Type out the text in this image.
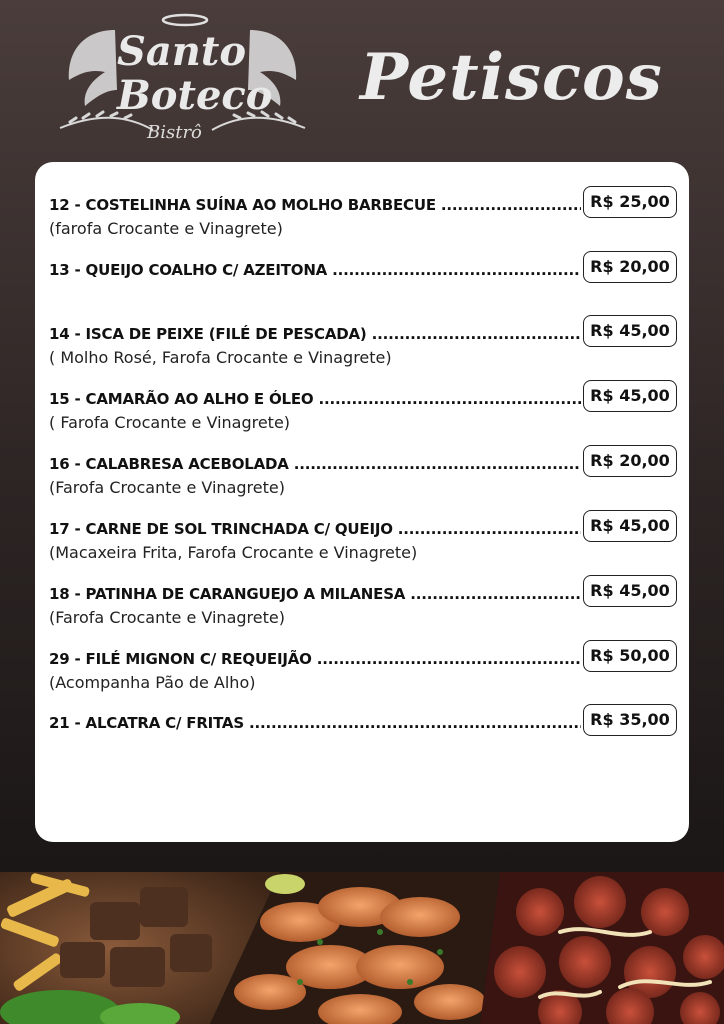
Santo
Boteco
Bistrô
Petiscos
12 - COSTELINHA SUÍNA AO MOLHO BARBECUE .....	R$ 25,00
(farofa Crocante e Vinagrete)
13 - QUEIJO COALHO C/ AZEITONA .....	R$ 20,00
14 - ISCA DE PEIXE (FILÉ DE PESCADA) .....	R$ 45,00
( Molho Rosé, Farofa Crocante e Vinagrete)
15 - CAMARÃO AO ALHO E ÓLEO .....	R$ 45,00
( Farofa Crocante e Vinagrete)
16 - CALABRESA ACEBOLADA .....	R$ 20,00
(Farofa Crocante e Vinagrete)
17 - CARNE DE SOL TRINCHADA C/ QUEIJO .....	R$ 45,00
(Macaxeira Frita, Farofa Crocante e Vinagrete)
18 - PATINHA DE CARANGUEJO A MILANESA .....	R$ 45,00
(Farofa Crocante e Vinagrete)
29 - FILÉ MIGNON C/ REQUEIJÃO .....	R$ 50,00
(Acompanha Pão de Alho)
21 - ALCATRA C/ FRITAS .....	R$ 35,00
